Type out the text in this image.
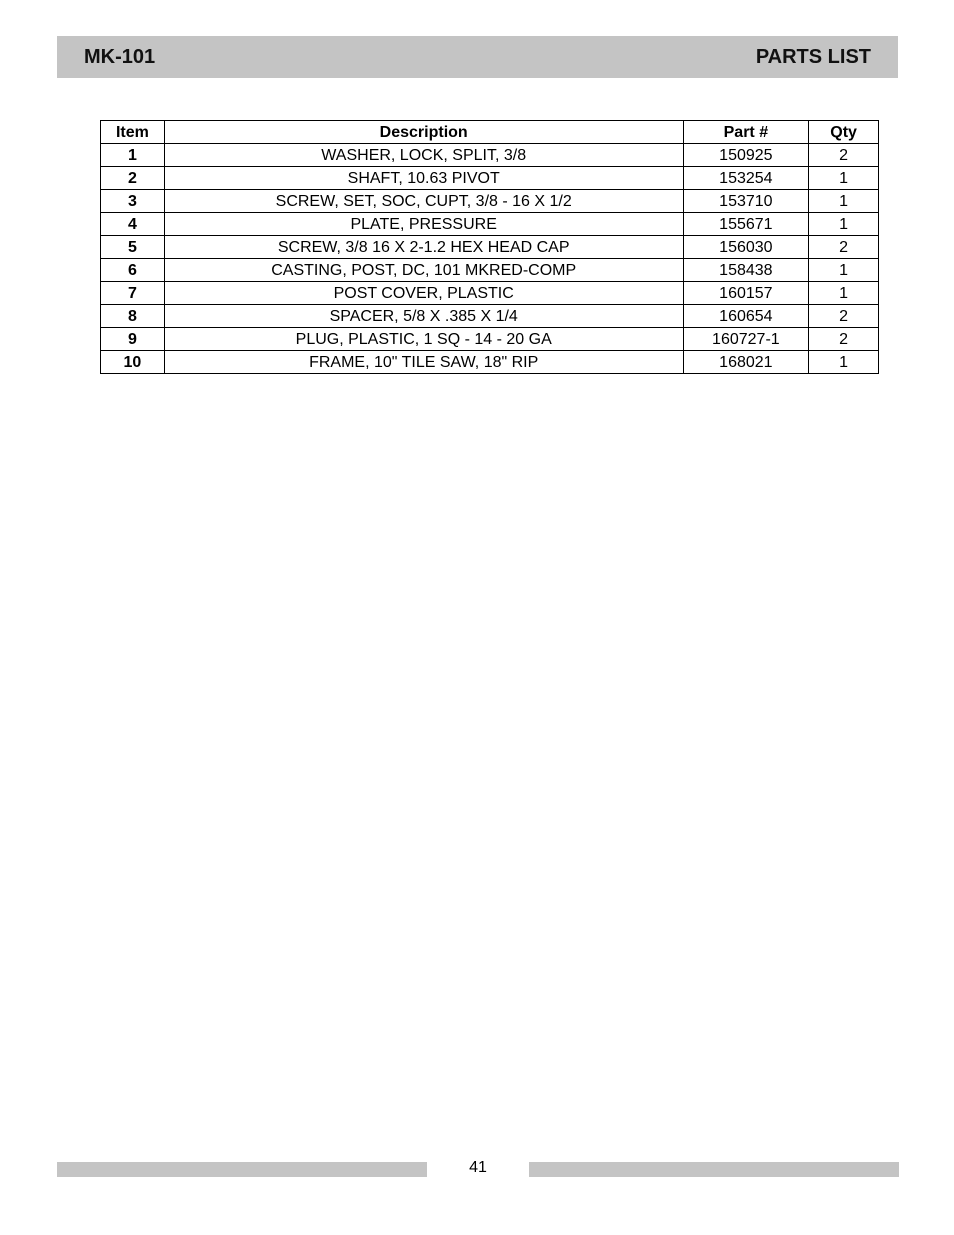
MK-101	PARTS LIST
Item	Description	Part #	Qty
1	WASHER, LOCK, SPLIT, 3/8	150925	2
2	SHAFT, 10.63 PIVOT	153254	1
3	SCREW, SET, SOC, CUPT, 3/8 - 16 X 1/2	153710	1
4	PLATE, PRESSURE	155671	1
5	SCREW, 3/8 16 X 2-1.2 HEX HEAD CAP	156030	2
6	CASTING, POST, DC, 101 MKRED-COMP	158438	1
7	POST COVER, PLASTIC	160157	1
8	SPACER, 5/8 X .385 X 1/4	160654	2
9	PLUG, PLASTIC, 1 SQ - 14 - 20 GA	160727-1	2
10	FRAME, 10" TILE SAW, 18" RIP	168021	1
41
